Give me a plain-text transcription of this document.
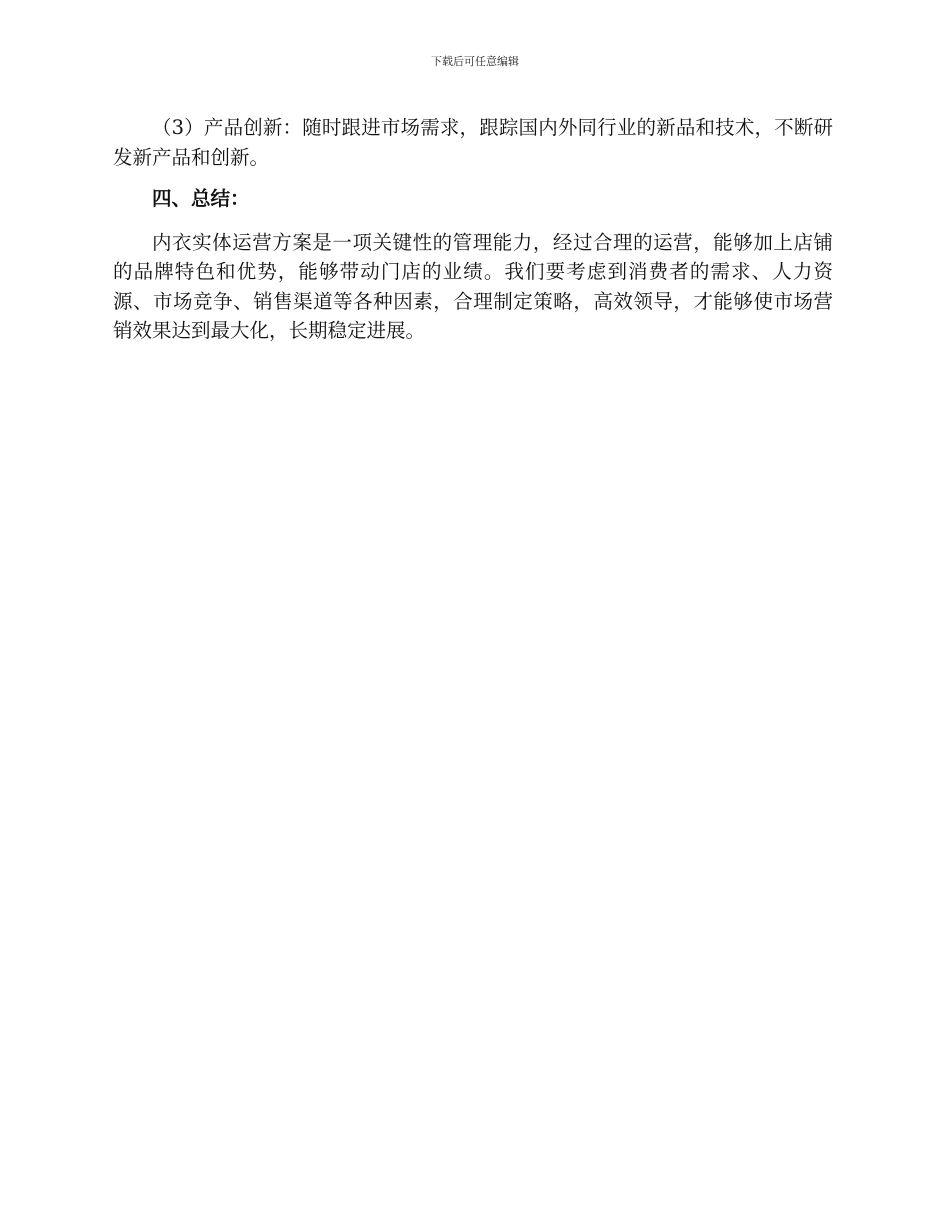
下载后可任意编辑

（3）产品创新：随时跟进市场需求，跟踪国内外同行业的新品和技术，不断研发新产品和创新。

四、总结：

内衣实体运营方案是一项关键性的管理能力，经过合理的运营，能够加上店铺的品牌特色和优势，能够带动门店的业绩。我们要考虑到消费者的需求、人力资源、市场竞争、销售渠道等各种因素，合理制定策略，高效领导，才能够使市场营销效果达到最大化，长期稳定进展。
